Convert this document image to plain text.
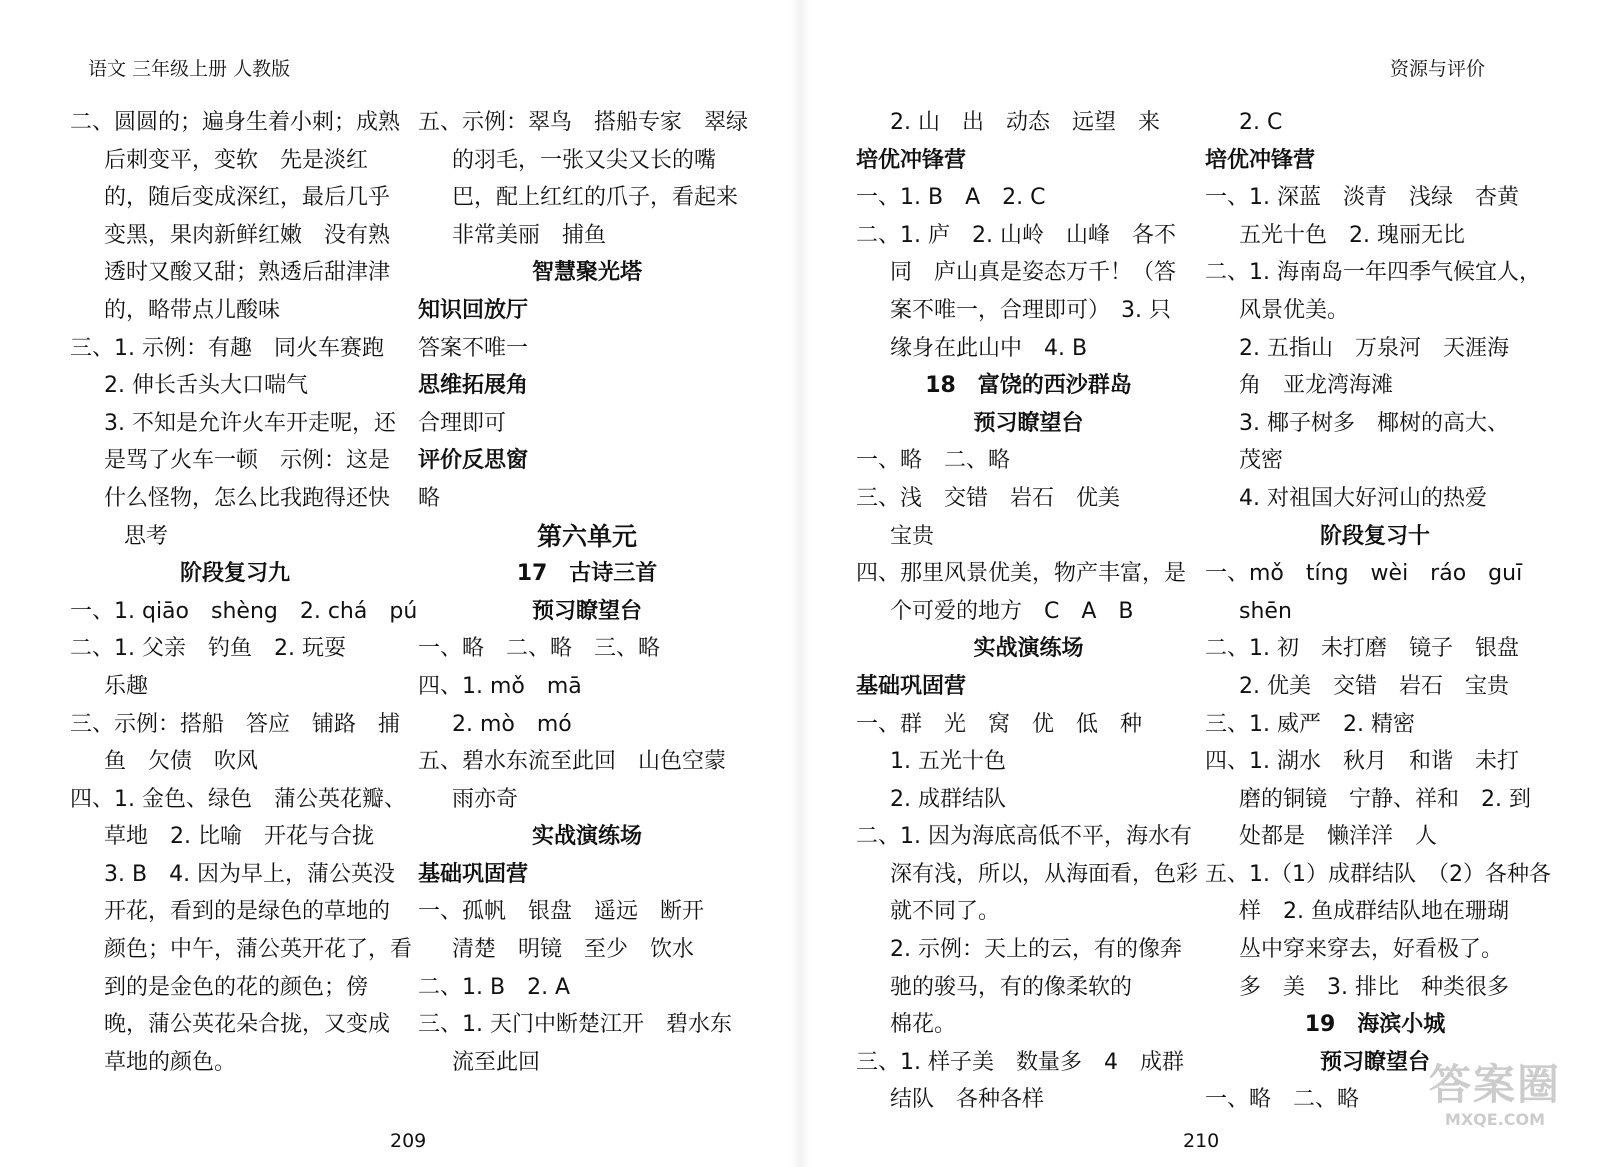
语文 三年级上册 人教版	资源与评价
二、圆圆的；遍身生着小刺；成熟
后刺变平，变软　先是淡红
的，随后变成深红，最后几乎
变黑，果肉新鲜红嫩　没有熟
透时又酸又甜；熟透后甜津津
的，略带点儿酸味
三、1. 示例：有趣　同火车赛跑
2. 伸长舌头大口喘气
3. 不知是允许火车开走呢，还
是骂了火车一顿　示例：这是
什么怪物，怎么比我跑得还快
思考
阶段复习九
一、1. qiāo　shèng　2. chá　pú
二、1. 父亲　钓鱼　2. 玩耍
乐趣
三、示例：搭船　答应　铺路　捕
鱼　欠债　吹风
四、1. 金色、绿色　蒲公英花瓣、
草地　2. 比喻　开花与合拢
3. B　4. 因为早上，蒲公英没
开花，看到的是绿色的草地的
颜色；中午，蒲公英开花了，看
到的是金色的花的颜色；傍
晚，蒲公英花朵合拢，又变成
草地的颜色。
五、示例：翠鸟　搭船专家　翠绿
的羽毛，一张又尖又长的嘴
巴，配上红红的爪子，看起来
非常美丽　捕鱼
智慧聚光塔
知识回放厅
答案不唯一
思维拓展角
合理即可
评价反思窗
略
第六单元
17　古诗三首
预习瞭望台
一、略　二、略　三、略
四、1. mǒ　mā
2. mò　mó
五、碧水东流至此回　山色空蒙
雨亦奇
实战演练场
基础巩固营
一、孤帆　银盘　遥远　断开
清楚　明镜　至少　饮水
二、1. B　2. A
三、1. 天门中断楚江开　碧水东
流至此回
2. 山　出　动态　远望　来
培优冲锋营
一、1. B　A　2. C
二、1. 庐　2. 山岭　山峰　各不
同　庐山真是姿态万千！（答
案不唯一，合理即可）　3. 只
缘身在此山中　4. B
18　富饶的西沙群岛
预习瞭望台
一、略　二、略
三、浅　交错　岩石　优美
宝贵
四、那里风景优美，物产丰富，是
个可爱的地方　C　A　B
实战演练场
基础巩固营
一、群　光　窝　优　低　种
1. 五光十色
2. 成群结队
二、1. 因为海底高低不平，海水有
深有浅，所以，从海面看，色彩
就不同了。
2. 示例：天上的云，有的像奔
驰的骏马，有的像柔软的
棉花。
三、1. 样子美　数量多　4　成群
结队　各种各样
2. C
培优冲锋营
一、1. 深蓝　淡青　浅绿　杏黄
五光十色　2. 瑰丽无比
二、1. 海南岛一年四季气候宜人，
风景优美。
2. 五指山　万泉河　天涯海
角　亚龙湾海滩
3. 椰子树多　椰树的高大、
茂密
4. 对祖国大好河山的热爱
阶段复习十
一、mǒ　tíng　wèi　ráo　guī
shēn
二、1. 初　未打磨　镜子　银盘
2. 优美　交错　岩石　宝贵
三、1. 威严　2. 精密
四、1. 湖水　秋月　和谐　未打
磨的铜镜　宁静、祥和　2. 到
处都是　懒洋洋　人
五、1.（1）成群结队　（2）各种各
样　2. 鱼成群结队地在珊瑚
丛中穿来穿去，好看极了。
多　美　3. 排比　种类很多
19　海滨小城
预习瞭望台
一、略　二、略
209	210
答案圈
MXQE.COM
